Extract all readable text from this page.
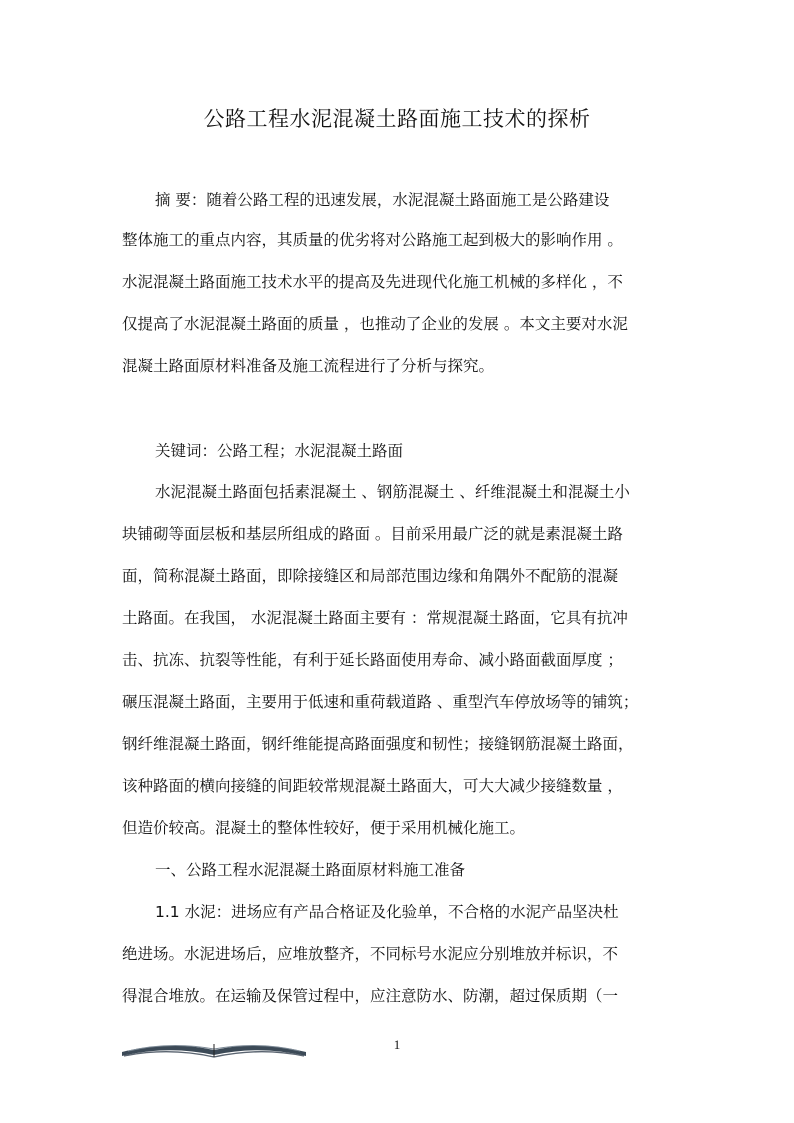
公路工程水泥混凝土路面施工技术的探析
摘 要：随着公路工程的迅速发展，水泥混凝土路面施工是公路建设
整体施工的重点内容，其质量的优劣将对公路施工起到极大的影响作用 。
水泥混凝土路面施工技术水平的提高及先进现代化施工机械的多样化 ，不
仅提高了水泥混凝土路面的质量 ，也推动了企业的发展 。本文主要对水泥
混凝土路面原材料准备及施工流程进行了分析与探究。
关键词：公路工程；水泥混凝土路面
水泥混凝土路面包括素混凝土 、钢筋混凝土 、纤维混凝土和混凝土小
块铺砌等面层板和基层所组成的路面 。目前采用最广泛的就是素混凝土路
面，简称混凝土路面，即除接缝区和局部范围边缘和角隅外不配筋的混凝
土路面。在我国， 水泥混凝土路面主要有 ：常规混凝土路面，它具有抗冲
击、抗冻、抗裂等性能，有利于延长路面使用寿命、减小路面截面厚度 ；
碾压混凝土路面，主要用于低速和重荷载道路 、重型汽车停放场等的铺筑；
钢纤维混凝土路面，钢纤维能提高路面强度和韧性；接缝钢筋混凝土路面，
该种路面的横向接缝的间距较常规混凝土路面大，可大大减少接缝数量 ，
但造价较高。混凝土的整体性较好，便于采用机械化施工。
一、公路工程水泥混凝土路面原材料施工准备
1.1 水泥：进场应有产品合格证及化验单，不合格的水泥产品坚决杜
绝进场。水泥进场后，应堆放整齐，不同标号水泥应分别堆放并标识，不
得混合堆放。在运输及保管过程中，应注意防水、防潮，超过保质期（一
1
